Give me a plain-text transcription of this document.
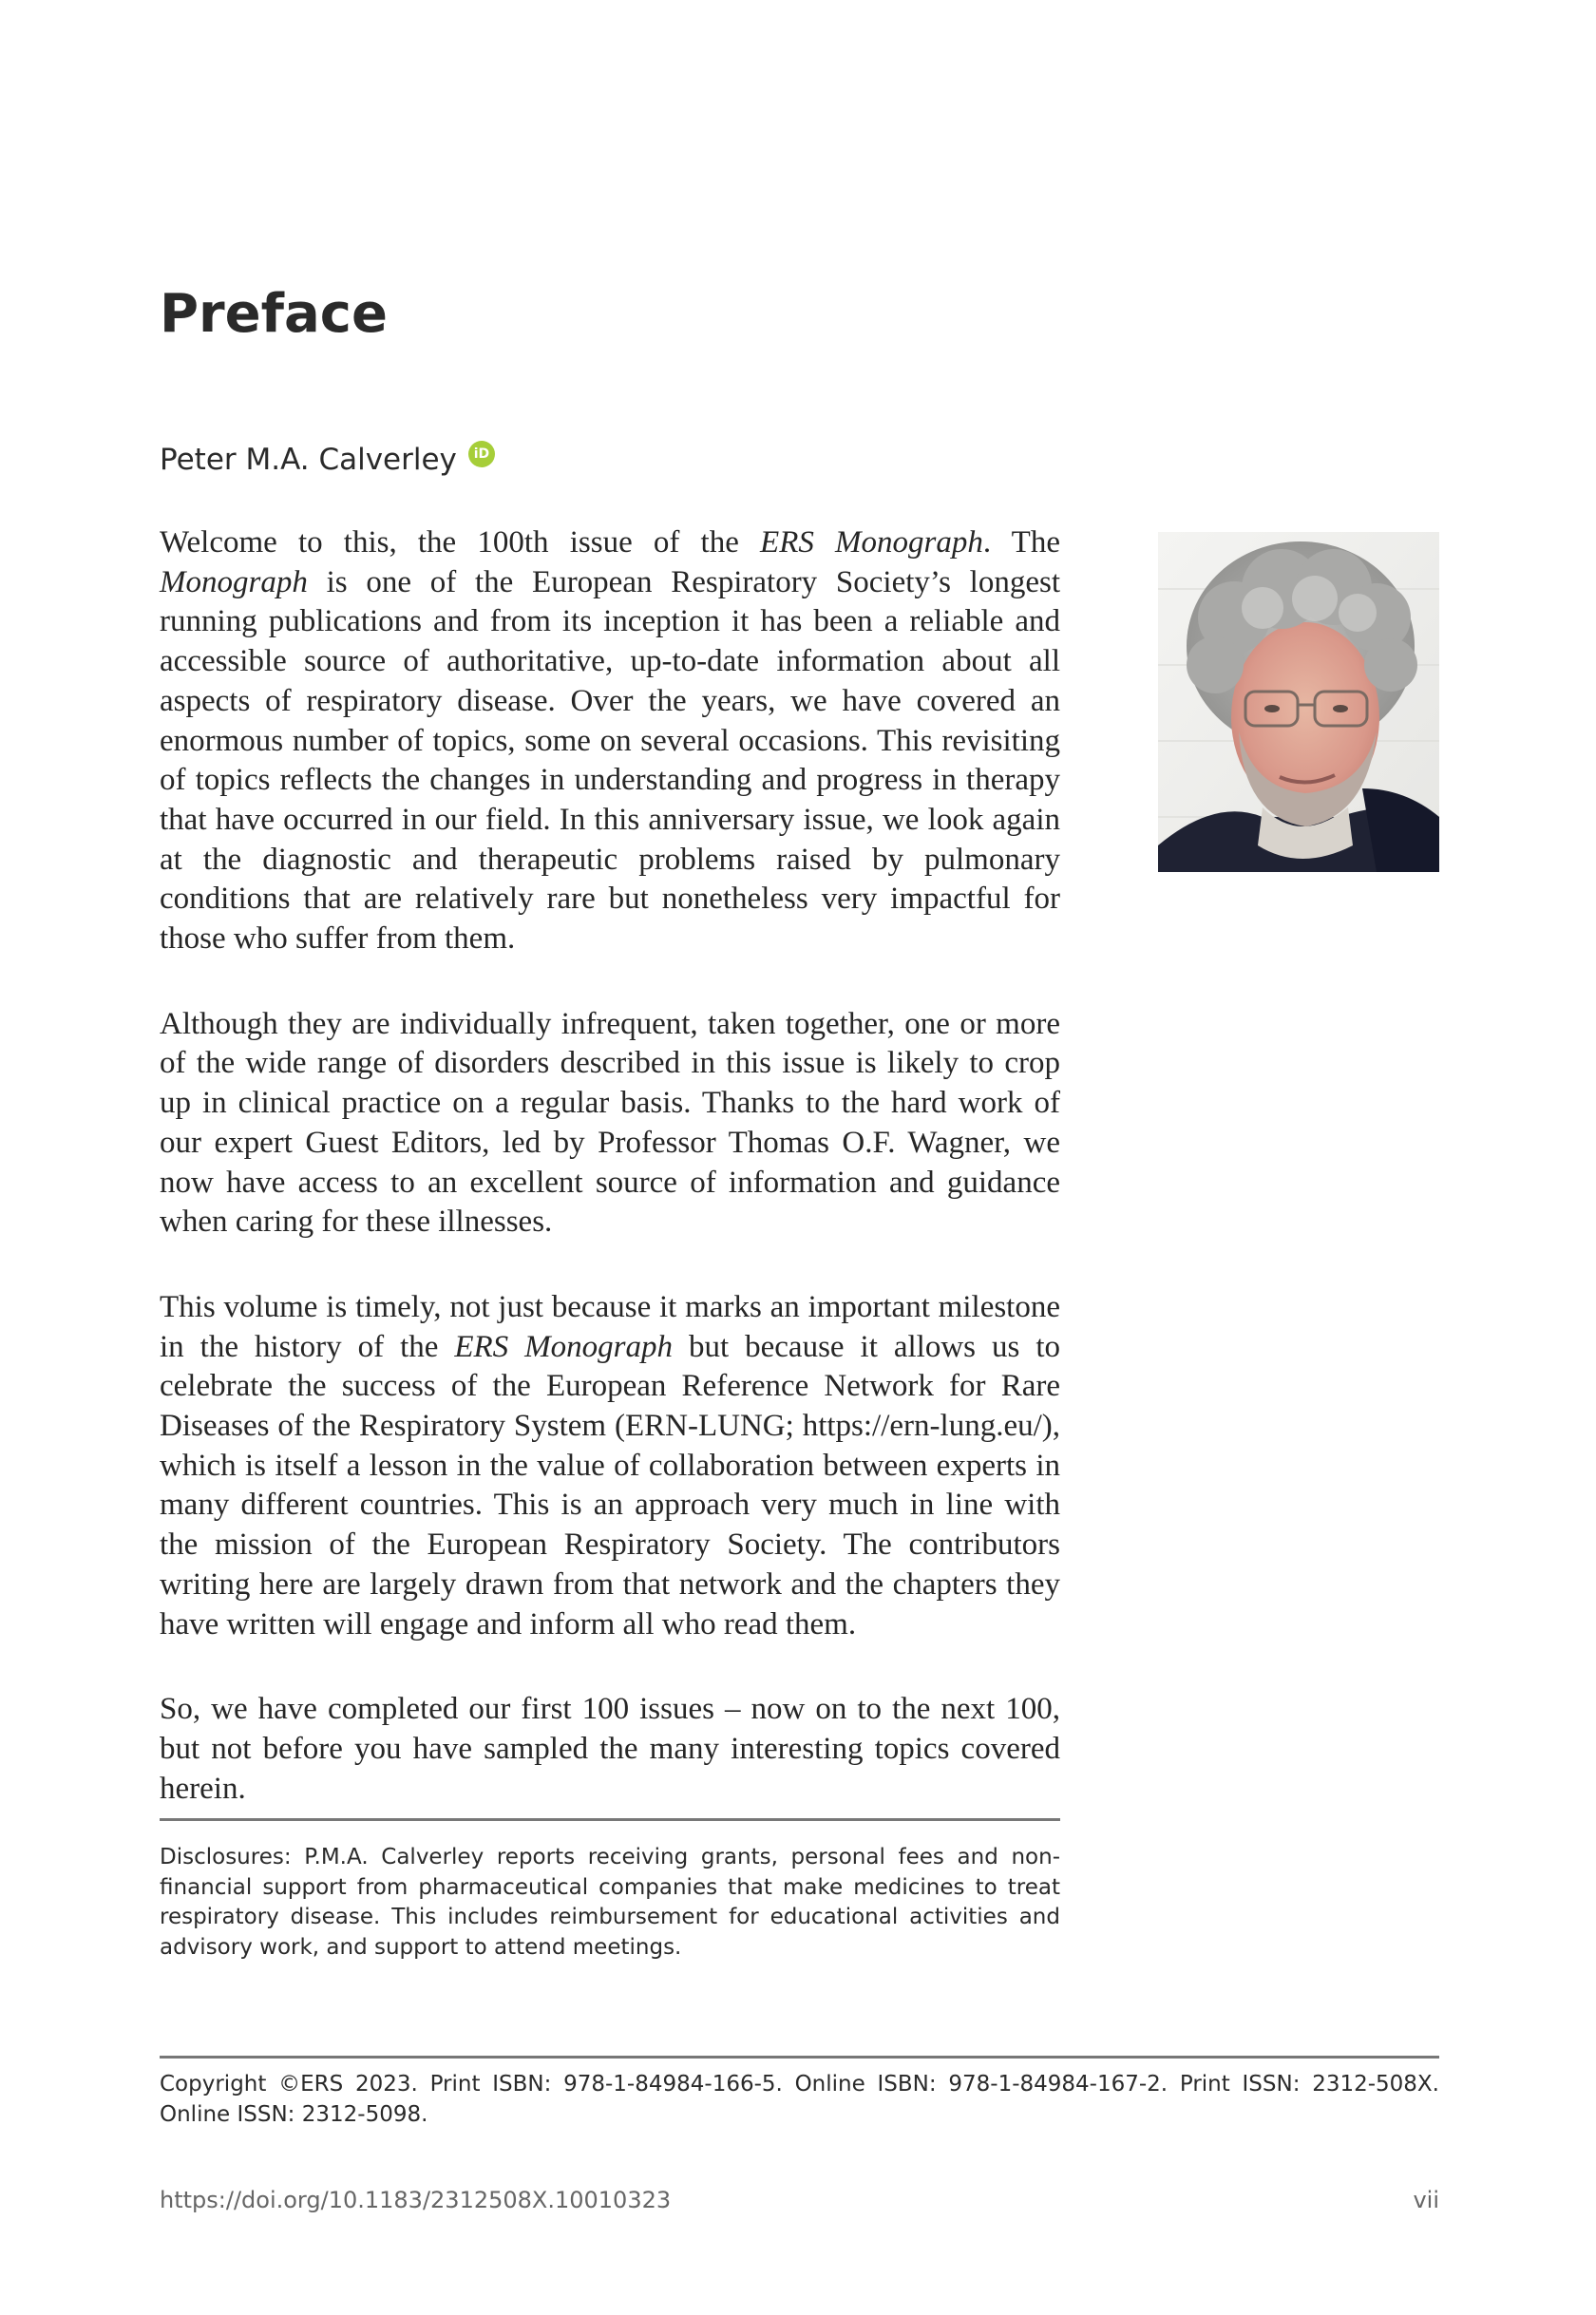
Preface
Peter M.A. Calverley	iD

Welcome to this, the 100th issue of the ERS Monograph. The Monograph is one of the European Respiratory Society’s longest running publications and from its inception it has been a reliable and accessible source of authoritative, up-to-date information about all aspects of respiratory disease. Over the years, we have covered an enormous number of topics, some on several occasions. This revisiting of topics reflects the changes in understanding and progress in therapy that have occurred in our field. In this anniversary issue, we look again at the diagnostic and therapeutic problems raised by pulmonary conditions that are relatively rare but nonetheless very impactful for those who suffer from them.

Although they are individually infrequent, taken together, one or more of the wide range of disorders described in this issue is likely to crop up in clinical practice on a regular basis. Thanks to the hard work of our expert Guest Editors, led by Professor Thomas O.F. Wagner, we now have access to an excellent source of information and guidance when caring for these illnesses.

This volume is timely, not just because it marks an important milestone in the history of the ERS Monograph but because it allows us to celebrate the success of the European Reference Network for Rare Diseases of the Respiratory System (ERN-LUNG; https://ern-lung.eu/), which is itself a lesson in the value of collaboration between experts in many different countries. This is an approach very much in line with the mission of the European Respiratory Society. The contributors writing here are largely drawn from that network and the chapters they have written will engage and inform all who read them.

So, we have completed our first 100 issues – now on to the next 100, but not before you have sampled the many interesting topics covered herein.

Disclosures: P.M.A. Calverley reports receiving grants, personal fees and non-financial support from pharmaceutical companies that make medicines to treat respiratory disease. This includes reimbursement for educational activities and advisory work, and support to attend meetings.
Copyright ©ERS 2023. Print ISBN: 978-1-84984-166-5. Online ISBN: 978-1-84984-167-2. Print ISSN: 2312-508X. Online ISSN: 2312-5098.
https://doi.org/10.1183/2312508X.10010323	vii
